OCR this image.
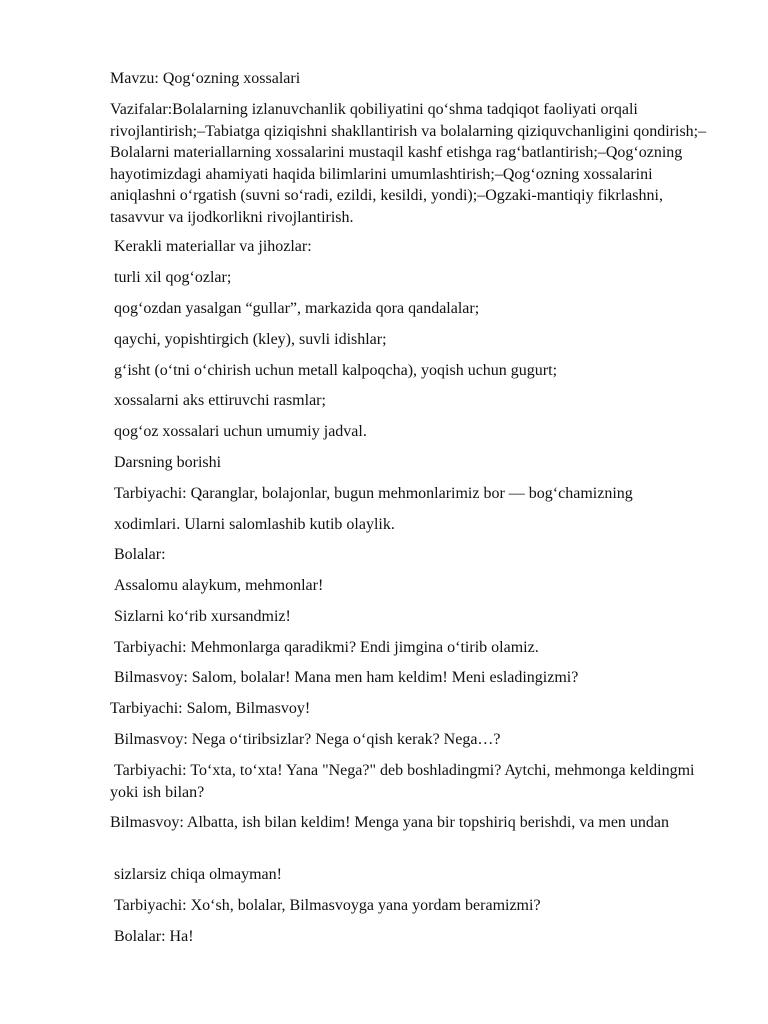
Mavzu: Qog‘ozning xossalari

Vazifalar:Bolalarning izlanuvchanlik qobiliyatini qo‘shma tadqiqot faoliyati orqali rivojlantirish;–Tabiatga qiziqishni shakllantirish va bolalarning qiziquvchanligini qondirish;–Bolalarni materiallarning xossalarini mustaqil kashf etishga rag‘batlantirish;–Qog‘ozning hayotimizdagi ahamiyati haqida bilimlarini umumlashtirish;–Qog‘ozning xossalarini aniqlashni o‘rgatish (suvni so‘radi, ezildi, kesildi, yondi);–Ogzaki-mantiqiy fikrlashni, tasavvur va ijodkorlikni rivojlantirish.

Kerakli materiallar va jihozlar:

turli xil qog‘ozlar;

qog‘ozdan yasalgan “gullar”, markazida qora qandalalar;

qaychi, yopishtirgich (kley), suvli idishlar;

g‘isht (o‘tni o‘chirish uchun metall kalpoqcha), yoqish uchun gugurt;

xossalarni aks ettiruvchi rasmlar;

qog‘oz xossalari uchun umumiy jadval.

Darsning borishi

Tarbiyachi: Qaranglar, bolajonlar, bugun mehmonlarimiz bor — bog‘chamizning

xodimlari. Ularni salomlashib kutib olaylik.

Bolalar:

Assalomu alaykum, mehmonlar!

Sizlarni ko‘rib xursandmiz!

Tarbiyachi: Mehmonlarga qaradikmi? Endi jimgina o‘tirib olamiz.

Bilmasvoy: Salom, bolalar! Mana men ham keldim! Meni esladingizmi?

Tarbiyachi: Salom, Bilmasvoy!

Bilmasvoy: Nega o‘tiribsizlar? Nega o‘qish kerak? Nega…?

Tarbiyachi: To‘xta, to‘xta! Yana "Nega?" deb boshladingmi? Aytchi, mehmonga keldingmi yoki ish bilan?

Bilmasvoy: Albatta, ish bilan keldim! Menga yana bir topshiriq berishdi, va men undan

sizlarsiz chiqa olmayman!

Tarbiyachi: Xo‘sh, bolalar, Bilmasvoyga yana yordam beramizmi?

Bolalar: Ha!
